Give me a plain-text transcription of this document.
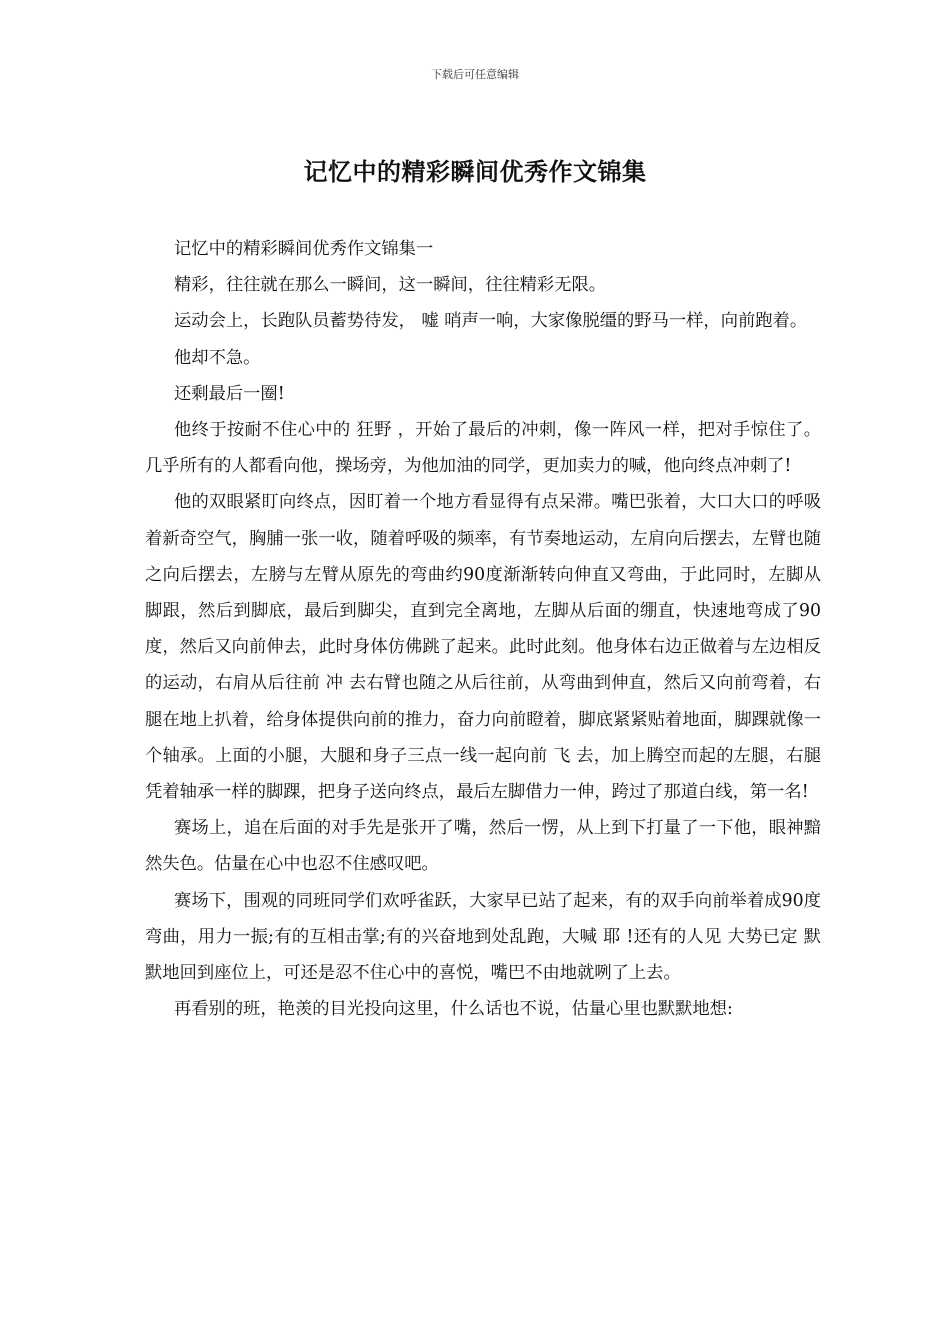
下载后可任意编辑
记忆中的精彩瞬间优秀作文锦集

记忆中的精彩瞬间优秀作文锦集一

精彩，往往就在那么一瞬间，这一瞬间，往往精彩无限。

运动会上，长跑队员蓄势待发， 嘘 哨声一响，大家像脱缰的野马一样，向前跑着。

他却不急。

还剩最后一圈!

他终于按耐不住心中的 狂野 ，开始了最后的冲刺，像一阵风一样，把对手惊住了。几乎所有的人都看向他，操场旁，为他加油的同学，更加卖力的喊，他向终点冲刺了!

他的双眼紧盯向终点，因盯着一个地方看显得有点呆滞。嘴巴张着，大口大口的呼吸着新奇空气，胸脯一张一收，随着呼吸的频率，有节奏地运动，左肩向后摆去，左臂也随之向后摆去，左膀与左臂从原先的弯曲约90度渐渐转向伸直又弯曲，于此同时，左脚从脚跟，然后到脚底，最后到脚尖，直到完全离地，左脚从后面的绷直，快速地弯成了90度，然后又向前伸去，此时身体仿佛跳了起来。此时此刻。他身体右边正做着与左边相反的运动，右肩从后往前 冲 去右臂也随之从后往前，从弯曲到伸直，然后又向前弯着，右腿在地上扒着，给身体提供向前的推力，奋力向前瞪着，脚底紧紧贴着地面，脚踝就像一个轴承。上面的小腿，大腿和身子三点一线一起向前 飞 去，加上腾空而起的左腿，右腿凭着轴承一样的脚踝，把身子送向终点，最后左脚借力一伸，跨过了那道白线，第一名!

赛场上，追在后面的对手先是张开了嘴，然后一愣，从上到下打量了一下他，眼神黯然失色。估量在心中也忍不住感叹吧。

赛场下，围观的同班同学们欢呼雀跃，大家早已站了起来，有的双手向前举着成90度弯曲，用力一振;有的互相击掌;有的兴奋地到处乱跑，大喊 耶 !还有的人见 大势已定 默默地回到座位上，可还是忍不住心中的喜悦，嘴巴不由地就咧了上去。

再看别的班，艳羡的目光投向这里，什么话也不说，估量心里也默默地想:
